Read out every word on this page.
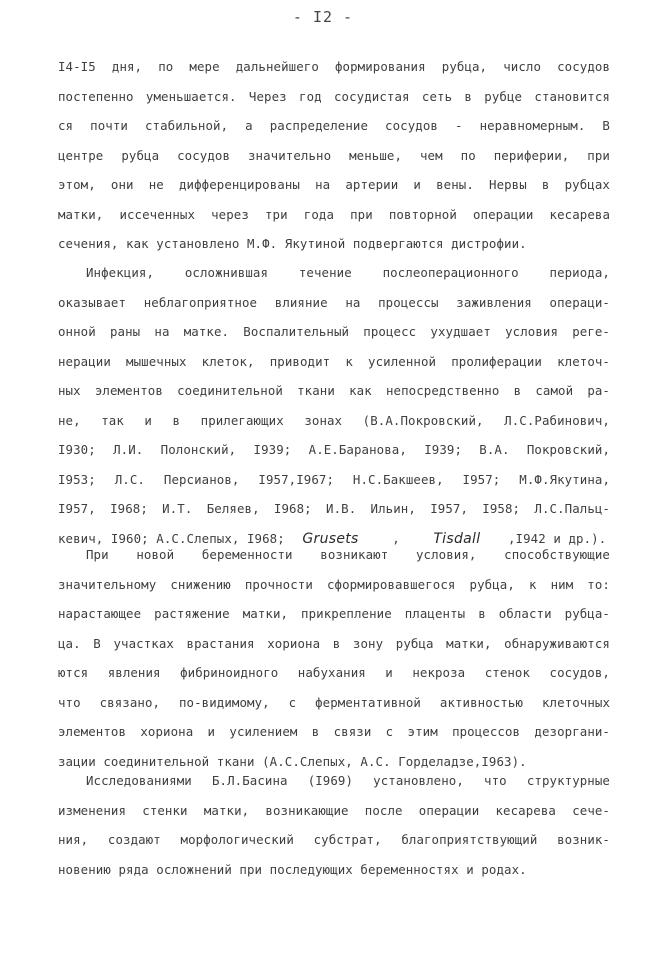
- I2 -
I4-I5 дня, по мере дальнейшего формирования рубца, число сосудов
постепенно уменьшается. Через год сосудистая сеть в рубце становится
ся почти стабильной, а распределение сосудов - неравномерным. В
центре рубца сосудов значительно меньше, чем по периферии, при
этом, они не дифференцированы на артерии и вены. Нервы в рубцах
матки, иссеченных через три года при повторной операции кесарева
сечения, как установлено М.Ф. Якутиной подвергаются дистрофии.
Инфекция, осложнившая течение послеоперационного периода,
оказывает неблагоприятное влияние на процессы заживления операци-
онной раны на матке. Воспалительный процесс ухудшает условия реге-
нерации мышечных клеток, приводит к усиленной пролиферации клеточ-
ных элементов соединительной ткани как непосредственно в самой ра-
не, так и в прилегающих зонах (В.А.Покровский, Л.С.Рабинович,
I930; Л.И. Полонский, I939; А.Е.Баранова, I939; В.А. Покровский,
I953; Л.С. Персианов, I957,I967; Н.С.Бакшеев, I957; М.Ф.Якутина,
I957, I968; И.Т. Беляев, I968; И.В. Ильин, I957, I958; Л.С.Пальц-
кевич, I960; А.С.Слепых, I968; Grusets	, Tisdall ,I942 и др.).
При новой беременности возникают условия, способствующие
значительному снижению прочности сформировавшегося рубца, к ним то:
нарастающее растяжение матки, прикрепление плаценты в области рубца-
ца. В участках врастания хориона в зону рубца матки, обнаруживаются
ются явления фибриноидного набухания и некроза стенок сосудов,
что связано, по-видимому, с ферментативной активностью клеточных
элементов хориона и усилением в связи с этим процессов дезоргани-
зации соединительной ткани (А.С.Слепых, А.С. Горделадзе,I963).
Исследованиями Б.Л.Басина (I969) установлено, что структурные
изменения стенки матки, возникающие после операции кесарева сече-
ния, создают морфологический субстрат, благоприятствующий возник-
новению ряда осложнений при последующих беременностях и родах.
